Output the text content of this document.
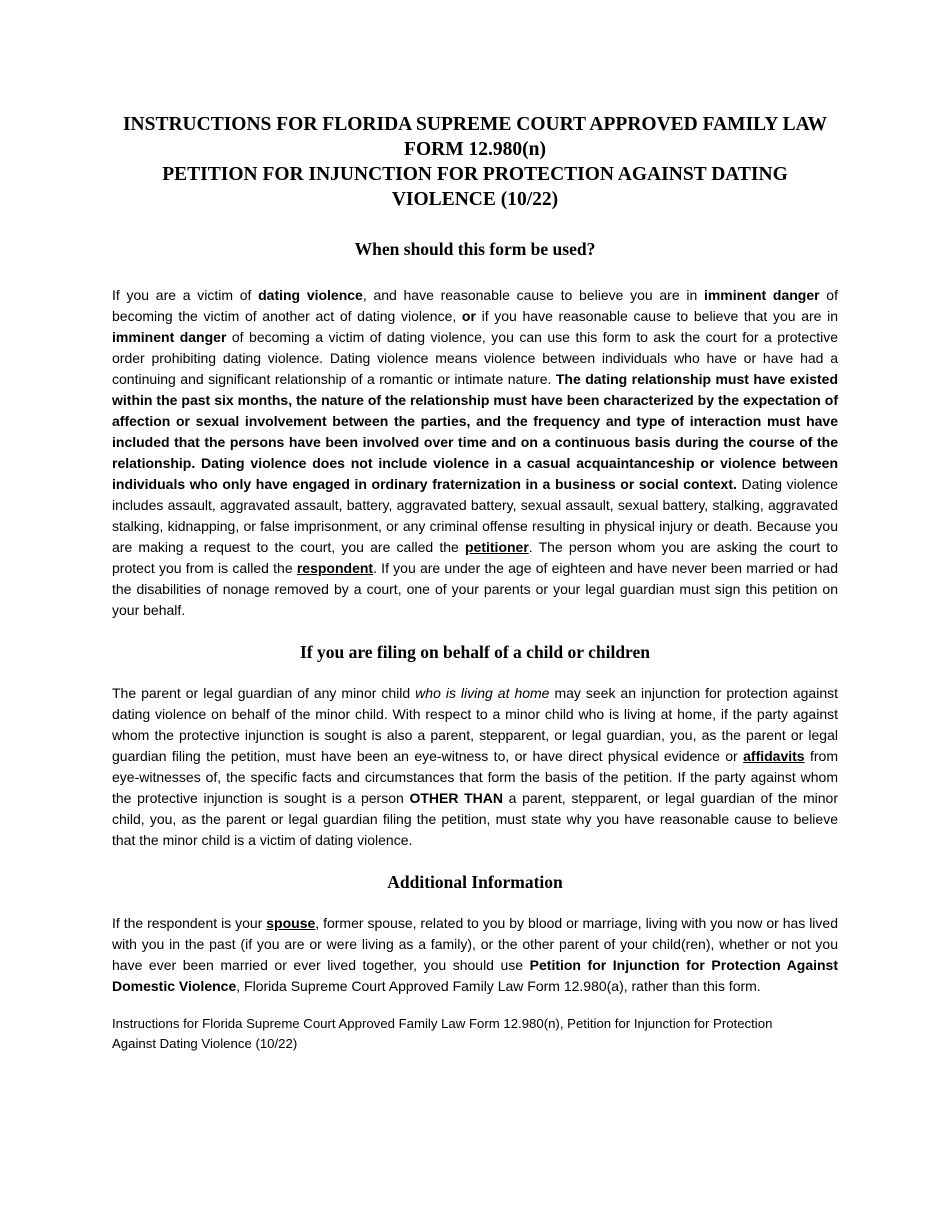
INSTRUCTIONS FOR FLORIDA SUPREME COURT APPROVED FAMILY LAW
FORM 12.980(n)
PETITION FOR INJUNCTION FOR PROTECTION AGAINST DATING
VIOLENCE (10/22)
When should this form be used?

If you are a victim of dating violence, and have reasonable cause to believe you are in imminent danger of becoming the victim of another act of dating violence, or if you have reasonable cause to believe that you are in imminent danger of becoming a victim of dating violence, you can use this form to ask the court for a protective order prohibiting dating violence. Dating violence means violence between individuals who have or have had a continuing and significant relationship of a romantic or intimate nature. The dating relationship must have existed within the past six months, the nature of the relationship must have been characterized by the expectation of affection or sexual involvement between the parties, and the frequency and type of interaction must have included that the persons have been involved over time and on a continuous basis during the course of the relationship. Dating violence does not include violence in a casual acquaintanceship or violence between individuals who only have engaged in ordinary fraternization in a business or social context. Dating violence includes assault, aggravated assault, battery, aggravated battery, sexual assault, sexual battery, stalking, aggravated stalking, kidnapping, or false imprisonment, or any criminal offense resulting in physical injury or death. Because you are making a request to the court, you are called the petitioner. The person whom you are asking the court to protect you from is called the respondent. If you are under the age of eighteen and have never been married or had the disabilities of nonage removed by a court, one of your parents or your legal guardian must sign this petition on your behalf.

If you are filing on behalf of a child or children

The parent or legal guardian of any minor child who is living at home may seek an injunction for protection against dating violence on behalf of the minor child. With respect to a minor child who is living at home, if the party against whom the protective injunction is sought is also a parent, stepparent, or legal guardian, you, as the parent or legal guardian filing the petition, must have been an eye-witness to, or have direct physical evidence or affidavits from eye-witnesses of, the specific facts and circumstances that form the basis of the petition. If the party against whom the protective injunction is sought is a person OTHER THAN a parent, stepparent, or legal guardian of the minor child, you, as the parent or legal guardian filing the petition, must state why you have reasonable cause to believe that the minor child is a victim of dating violence.

Additional Information

If the respondent is your spouse, former spouse, related to you by blood or marriage, living with you now or has lived with you in the past (if you are or were living as a family), or the other parent of your child(ren), whether or not you have ever been married or ever lived together, you should use Petition for Injunction for Protection Against Domestic Violence, Florida Supreme Court Approved Family Law Form 12.980(a), rather than this form.

Instructions for Florida Supreme Court Approved Family Law Form 12.980(n), Petition for Injunction for Protection
Against Dating Violence (10/22)
